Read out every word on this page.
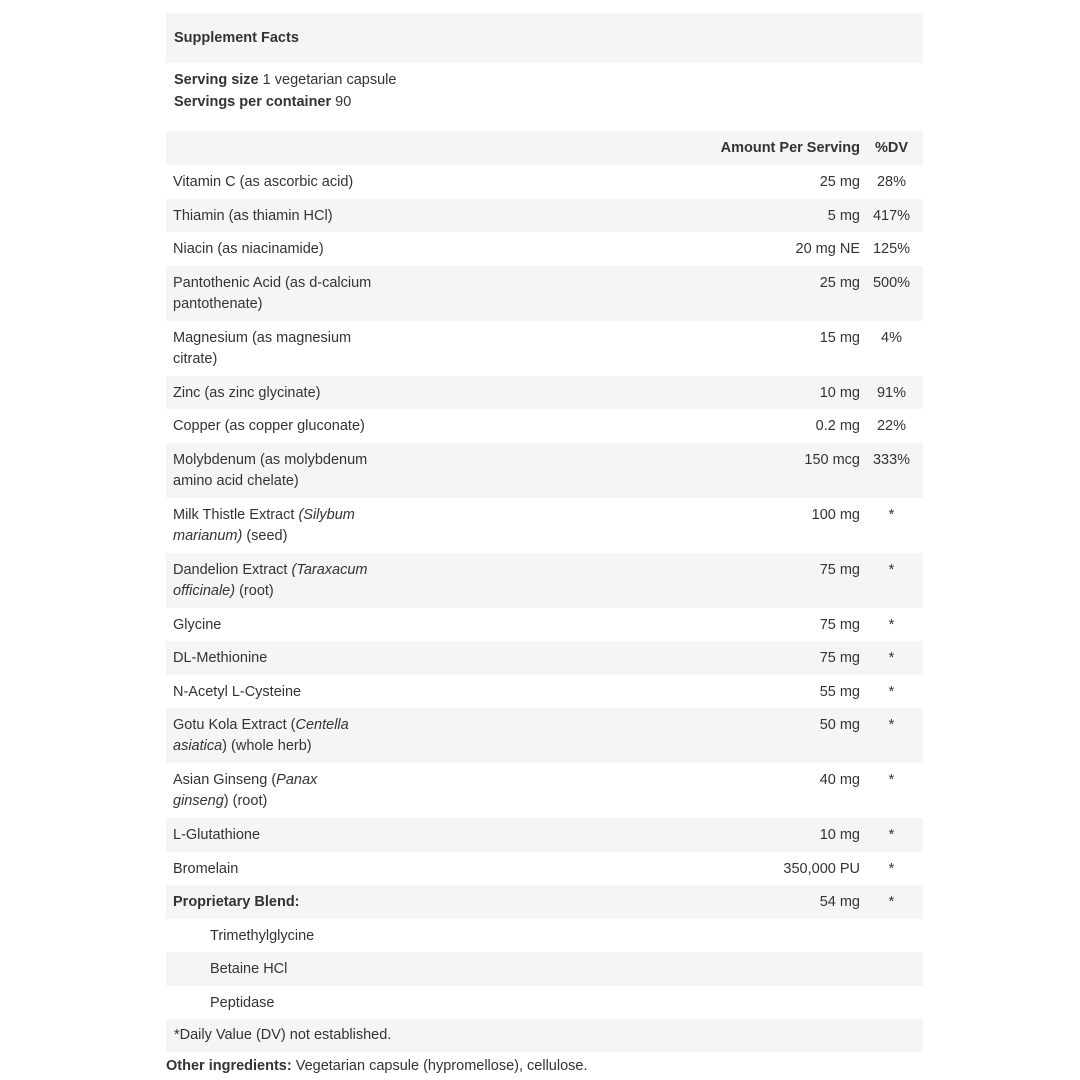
Supplement Facts
Serving size 1 vegetarian capsule
Servings per container 90
Amount Per Serving	%DV
Vitamin C (as ascorbic acid)	25 mg	28%
Thiamin (as thiamin HCl)	5 mg 417%
Niacin (as niacinamide)	20 mg NE 125%
Pantothenic Acid (as d-calcium
pantothenate)
25 mg 500%
Magnesium (as magnesium
citrate)
15 mg	4%
Zinc (as zinc glycinate)	10 mg	91%
Copper (as copper gluconate)	0.2 mg	22%
Molybdenum (as molybdenum
amino acid chelate)
150 mcg 333%
Milk Thistle Extract (Silybum
marianum) (seed)
100 mg	*
Dandelion Extract (Taraxacum
officinale) (root)
75 mg	*
Glycine	75 mg	*
DL-Methionine	75 mg	*
N-Acetyl L-Cysteine	55 mg	*
Gotu Kola Extract (Centella
asiatica) (whole herb)
50 mg	*
Asian Ginseng (Panax
ginseng) (root)
40 mg	*
L-Glutathione	10 mg	*
Bromelain	350,000 PU	*
Proprietary Blend:	54 mg	*
Trimethylglycine
Betaine HCl
Peptidase
*Daily Value (DV) not established.
Other ingredients: Vegetarian capsule (hypromellose), cellulose.
